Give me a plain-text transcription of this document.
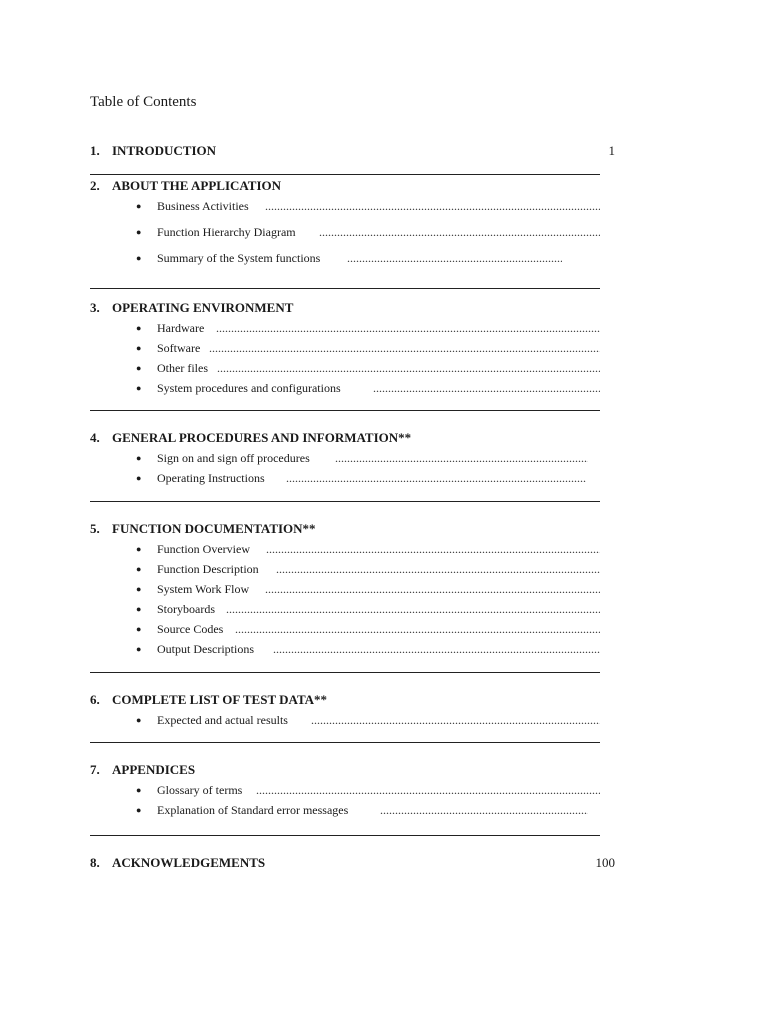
Table of Contents
1. INTRODUCTION	1
2. ABOUT THE APPLICATION
● Business Activities
.....
● Function Hierarchy Diagram
.....
● Summary of the System functions
.....
3. OPERATING ENVIRONMENT
● Hardware
.....
● Software
.....
● Other files
.....
● System procedures and configurations
.....
4. GENERAL PROCEDURES AND INFORMATION**
● Sign on and sign off procedures
.....
● Operating Instructions
.....
5. FUNCTION DOCUMENTATION**
● Function Overview
.....
● Function Description
.....
● System Work Flow
.....
● Storyboards
.....
● Source Codes
.....
● Output Descriptions
.....
6. COMPLETE LIST OF TEST DATA**
● Expected and actual results
.....
7. APPENDICES
● Glossary of terms
.....
● Explanation of Standard error messages
.....
8. ACKNOWLEDGEMENTS	100
